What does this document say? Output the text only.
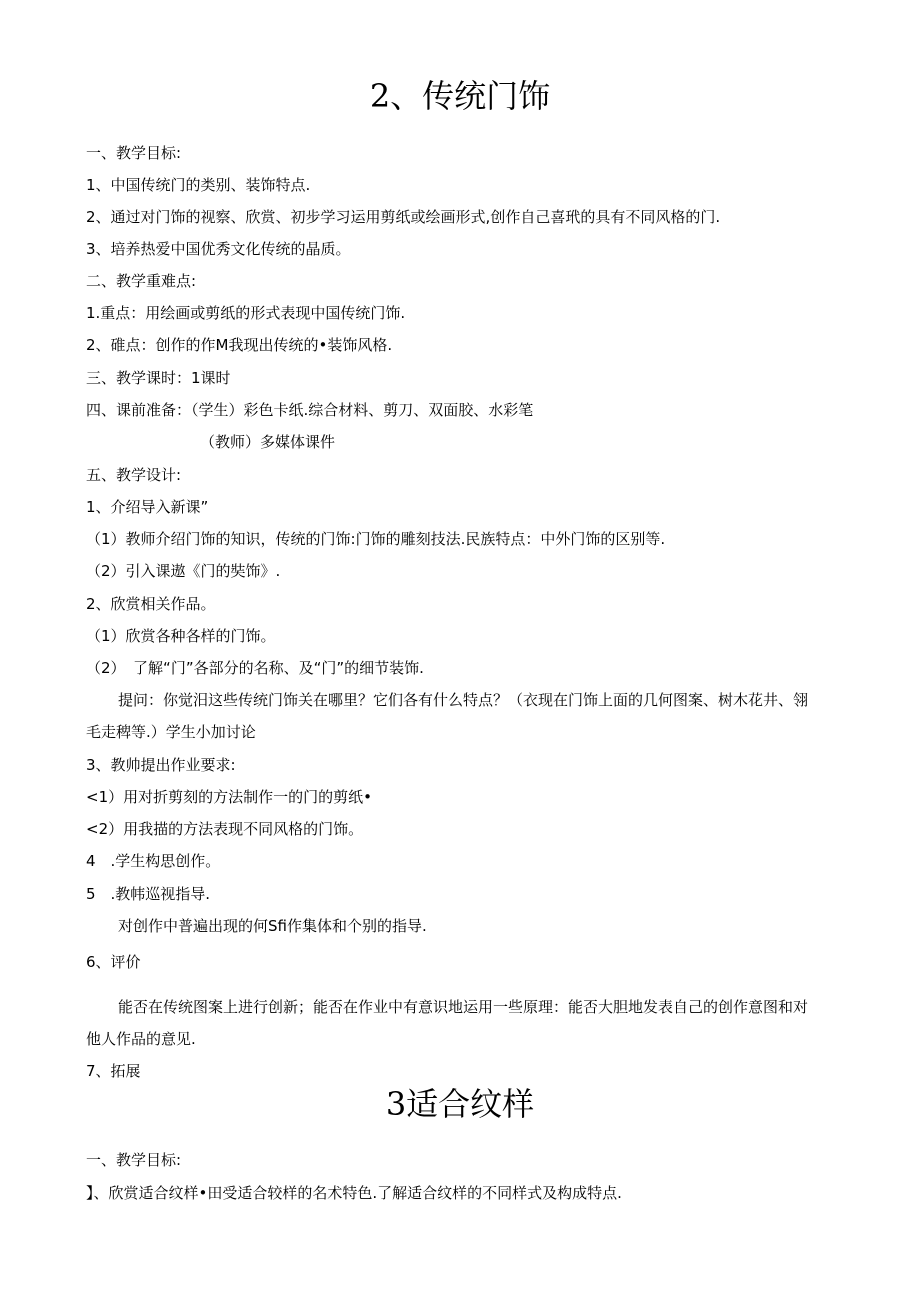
2、传统门饰
一、教学目标:
1、中国传统门的类别、装饰特点.
2、通过对门饰的视察、欣赏、初步学习运用剪纸或绘画形式,创作自己喜玳的具有不同风格的门.
3、培养热爱中国优秀文化传统的晶质。
二、教学重难点:
1.重点：用绘画或剪纸的形式表现中国传统门饰.
2、碓点：创作的作M我现出传统的•装饰风格.
三、教学课时：1课时
四、课前准备：（学生）彩色卡纸.综合材料、剪刀、双面胶、水彩笔
（教师）多媒体课件
五、教学设计:
1、介绍导入新课”
（1）教师介绍门饰的知识，传统的门饰:门饰的雕刻技法.民族特点：中外门饰的区别等.
（2）引入课遨《门的奘饰》.
2、欣赏相关作品。
（1）欣赏各种各样的门饰。
（2）　了解“门”各部分的名称、及“门”的细节装饰.
提问：你觉汨这些传统门饰关在哪里？它们各有什么特点？（衣现在门饰上面的几何图案、树木花井、翎
毛走稗等.）学生小加讨论
3、教帅提出作业要求:
<1）用对折剪刻的方法制作一的门的剪纸•
<2）用我描的方法表现不同风格的门饰。
4　.学生构思创作。
5　.教帏巡视指导.
对创作中普遍出现的何Sfi作集体和个别的指导.
6、评价
能否在传统图案上进行创新；能否在作业中有意识地运用一些原理：能否大胆地发表自己的创作意图和对
他人作品的意见.
7、拓展
3适合纹样
一、教学目标:
】、欣赏适合纹样•田受适合较样的名术特色.了解适合纹样的不同样式及构成特点.
